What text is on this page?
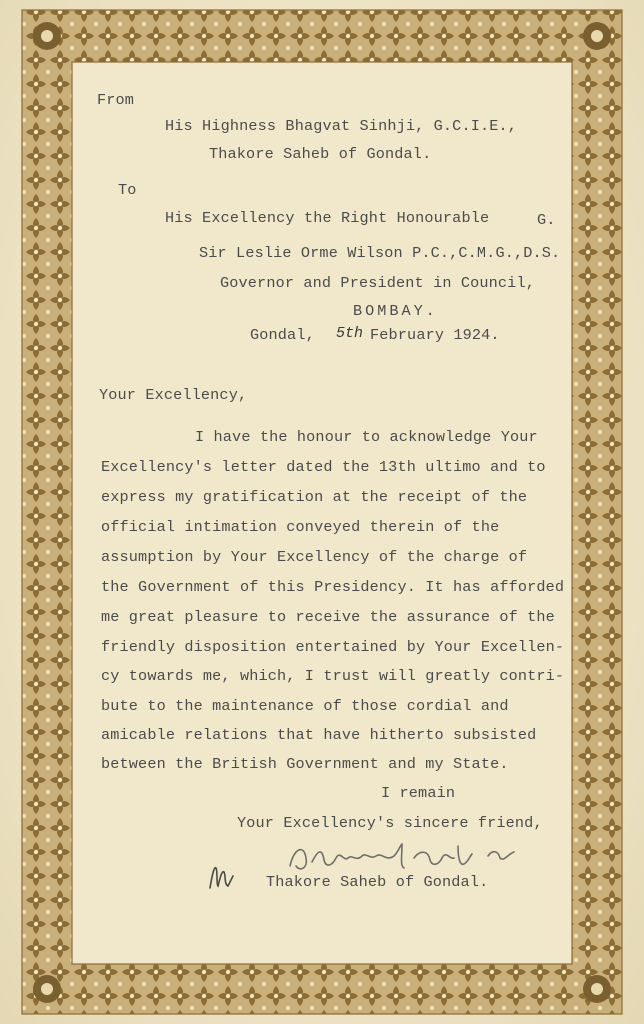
From
His Highness Bhagvat Sinhji, G.C.I.E.,
Thakore Saheb of Gondal.
To
His Excellency the Right Honourable	G.
Sir Leslie Orme Wilson P.C.,C.M.G.,D.S.
Governor and President in Council,
BOMBAY.
Gondal, 5th February 1924.
Your Excellency,
I have the honour to acknowledge Your
Excellency's letter dated the 13th ultimo and to
express my gratification at the receipt of the
official intimation conveyed therein of the
assumption by Your Excellency of the charge of
the Government of this Presidency. It has afforded
me great pleasure to receive the assurance of the
friendly disposition entertained by Your Excellen-
cy towards me, which, I trust will greatly contri-
bute to the maintenance of those cordial and
amicable relations that have hitherto subsisted
between the British Government and my State.
I remain
Your Excellency's sincere friend,
Thakore Saheb of Gondal.
